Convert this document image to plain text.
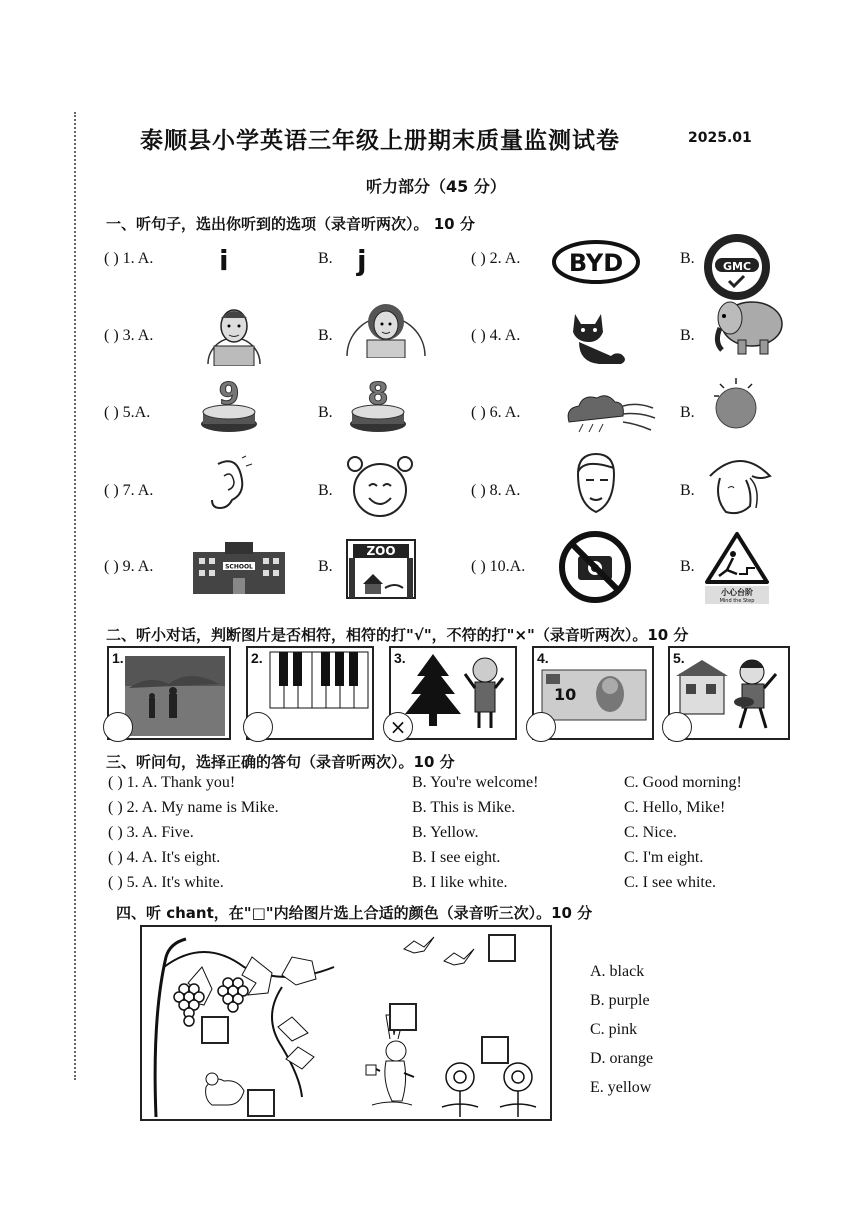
泰顺县小学英语三年级上册期末质量监测试卷	2025.01
听力部分（45 分）
一、听句子，选出你听到的选项（录音听两次）。 10 分
( ) 1. A. i	B. j	( ) 2. A. BYD	B.	GMC
( ) 3. A.	B.	( ) 4. A.	B.
( ) 5.A.
9
B.
8
( ) 6. A.	B.
( ) 7. A.	B.	( ) 8. A.	B.
( ) 9. A.	SCHOOL	B.
ZOO
( ) 10.A.	B.
小心台阶
Mind the Step
二、听小对话，判断图片是否相符，相符的打"√"，不符的打"×"（录音听两次）。10 分
1.	2.	3.
×
10
4.	5.
三、听问句，选择正确的答句（录音听两次）。10 分
( ) 1. A. Thank you!	B. You're welcome!	C. Good morning!
( ) 2. A. My name is Mike.	B. This is Mike.	C. Hello, Mike!
( ) 3. A. Five.	B. Yellow.	C. Nice.
( ) 4. A. It's eight.	B. I see eight.	C. I'm eight.
( ) 5. A. It's white.	B. I like white.	C. I see white.
四、听 chant，在"□"内给图片选上合适的颜色（录音听三次）。10 分
A. black
B. purple
C. pink
D. orange
E. yellow
